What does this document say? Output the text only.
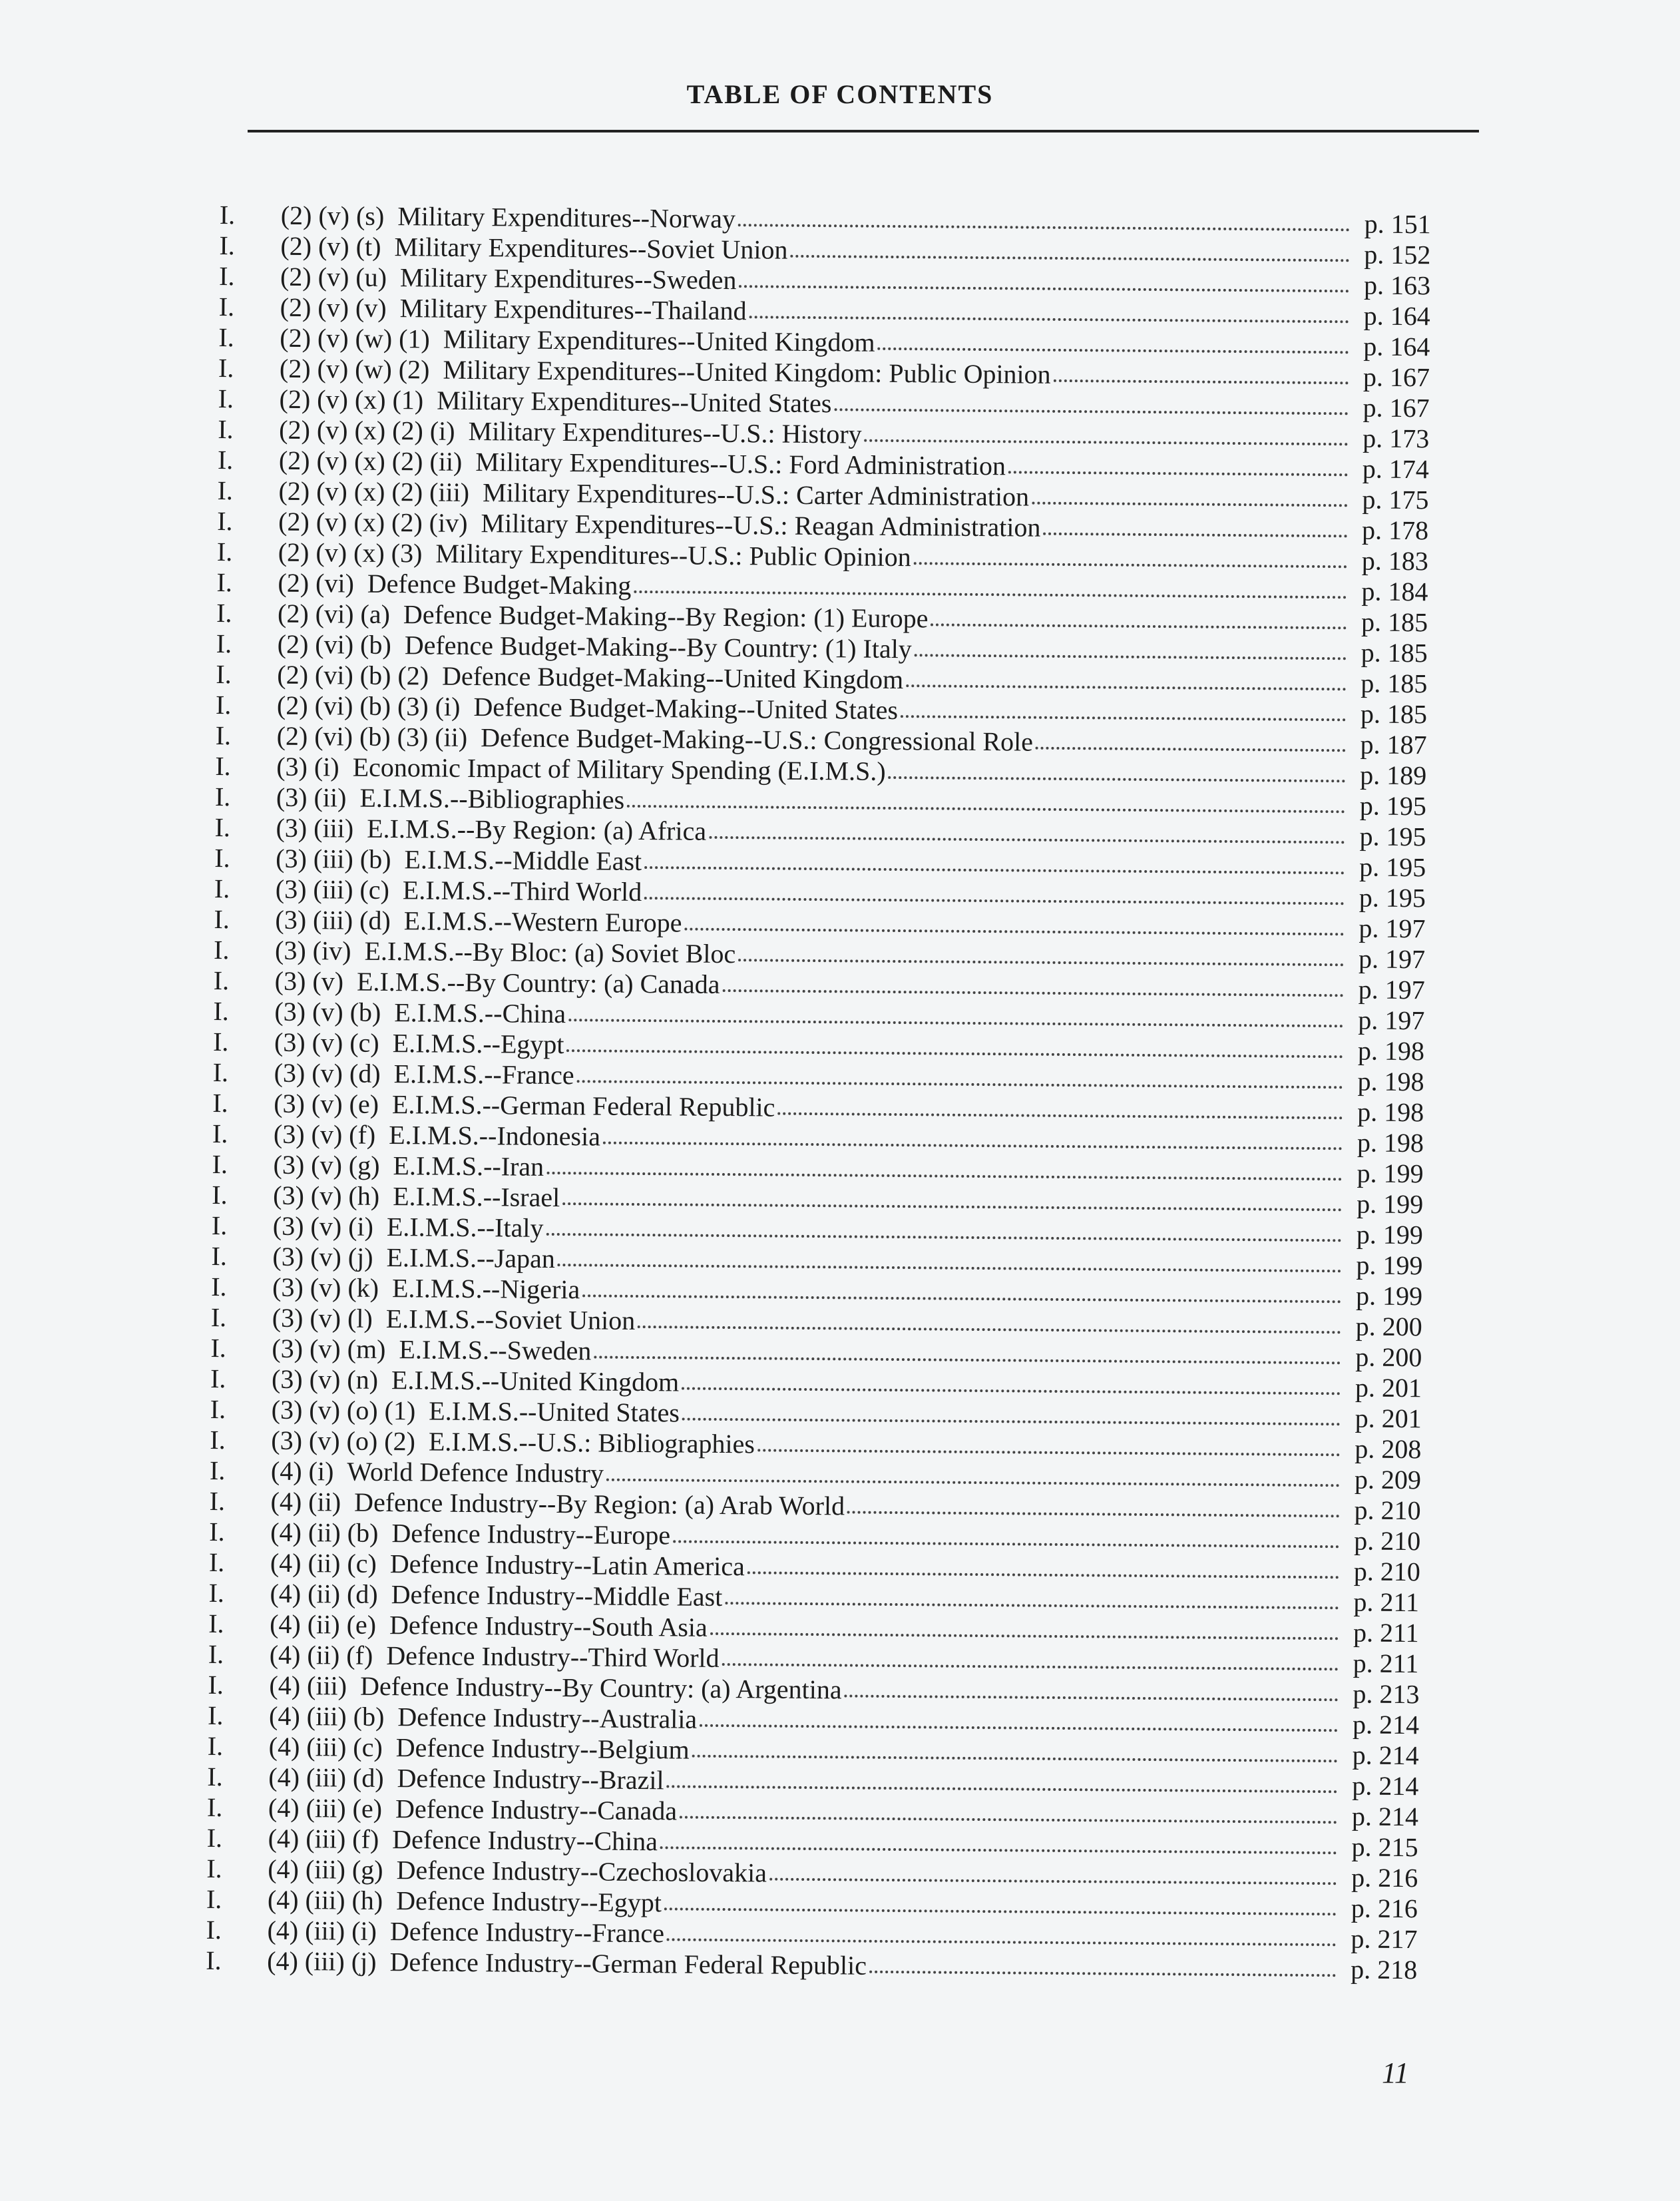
TABLE OF CONTENTS
I.	(2) (v) (s) Military Expenditures--Norway	p. 151
I.	(2) (v) (t) Military Expenditures--Soviet Union	p. 152
I.	(2) (v) (u) Military Expenditures--Sweden	p. 163
I.	(2) (v) (v) Military Expenditures--Thailand	p. 164
I.	(2) (v) (w) (1) Military Expenditures--United Kingdom	p. 164
I.	(2) (v) (w) (2) Military Expenditures--United Kingdom: Public Opinion	p. 167
I.	(2) (v) (x) (1) Military Expenditures--United States	p. 167
I.	(2) (v) (x) (2) (i) Military Expenditures--U.S.: History	p. 173
I.	(2) (v) (x) (2) (ii) Military Expenditures--U.S.: Ford Administration	p. 174
I.	(2) (v) (x) (2) (iii) Military Expenditures--U.S.: Carter Administration	p. 175
I.	(2) (v) (x) (2) (iv) Military Expenditures--U.S.: Reagan Administration	p. 178
I.	(2) (v) (x) (3) Military Expenditures--U.S.: Public Opinion	p. 183
I.	(2) (vi) Defence Budget-Making	p. 184
I.	(2) (vi) (a) Defence Budget-Making--By Region: (1) Europe	p. 185
I.	(2) (vi) (b) Defence Budget-Making--By Country: (1) Italy	p. 185
I.	(2) (vi) (b) (2) Defence Budget-Making--United Kingdom	p. 185
I.	(2) (vi) (b) (3) (i) Defence Budget-Making--United States	p. 185
I.	(2) (vi) (b) (3) (ii) Defence Budget-Making--U.S.: Congressional Role	p. 187
I.	(3) (i) Economic Impact of Military Spending (E.I.M.S.)	p. 189
I.	(3) (ii) E.I.M.S.--Bibliographies	p. 195
I.	(3) (iii) E.I.M.S.--By Region: (a) Africa	p. 195
I.	(3) (iii) (b) E.I.M.S.--Middle East	p. 195
I.	(3) (iii) (c) E.I.M.S.--Third World	p. 195
I.	(3) (iii) (d) E.I.M.S.--Western Europe	p. 197
I.	(3) (iv) E.I.M.S.--By Bloc: (a) Soviet Bloc	p. 197
I.	(3) (v) E.I.M.S.--By Country: (a) Canada	p. 197
I.	(3) (v) (b) E.I.M.S.--China	p. 197
I.	(3) (v) (c) E.I.M.S.--Egypt	p. 198
I.	(3) (v) (d) E.I.M.S.--France	p. 198
I.	(3) (v) (e) E.I.M.S.--German Federal Republic	p. 198
I.	(3) (v) (f) E.I.M.S.--Indonesia	p. 198
I.	(3) (v) (g) E.I.M.S.--Iran	p. 199
I.	(3) (v) (h) E.I.M.S.--Israel	p. 199
I.	(3) (v) (i) E.I.M.S.--Italy	p. 199
I.	(3) (v) (j) E.I.M.S.--Japan	p. 199
I.	(3) (v) (k) E.I.M.S.--Nigeria	p. 199
I.	(3) (v) (l) E.I.M.S.--Soviet Union	p. 200
I.	(3) (v) (m) E.I.M.S.--Sweden	p. 200
I.	(3) (v) (n) E.I.M.S.--United Kingdom	p. 201
I.	(3) (v) (o) (1) E.I.M.S.--United States	p. 201
I.	(3) (v) (o) (2) E.I.M.S.--U.S.: Bibliographies	p. 208
I.	(4) (i) World Defence Industry	p. 209
I.	(4) (ii) Defence Industry--By Region: (a) Arab World	p. 210
I.	(4) (ii) (b) Defence Industry--Europe	p. 210
I.	(4) (ii) (c) Defence Industry--Latin America	p. 210
I.	(4) (ii) (d) Defence Industry--Middle East	p. 211
I.	(4) (ii) (e) Defence Industry--South Asia	p. 211
I.	(4) (ii) (f) Defence Industry--Third World	p. 211
I.	(4) (iii) Defence Industry--By Country: (a) Argentina	p. 213
I.	(4) (iii) (b) Defence Industry--Australia	p. 214
I.	(4) (iii) (c) Defence Industry--Belgium	p. 214
I.	(4) (iii) (d) Defence Industry--Brazil	p. 214
I.	(4) (iii) (e) Defence Industry--Canada	p. 214
I.	(4) (iii) (f) Defence Industry--China	p. 215
I.	(4) (iii) (g) Defence Industry--Czechoslovakia	p. 216
I.	(4) (iii) (h) Defence Industry--Egypt	p. 216
I.	(4) (iii) (i) Defence Industry--France	p. 217
I.	(4) (iii) (j) Defence Industry--German Federal Republic	p. 218
11
